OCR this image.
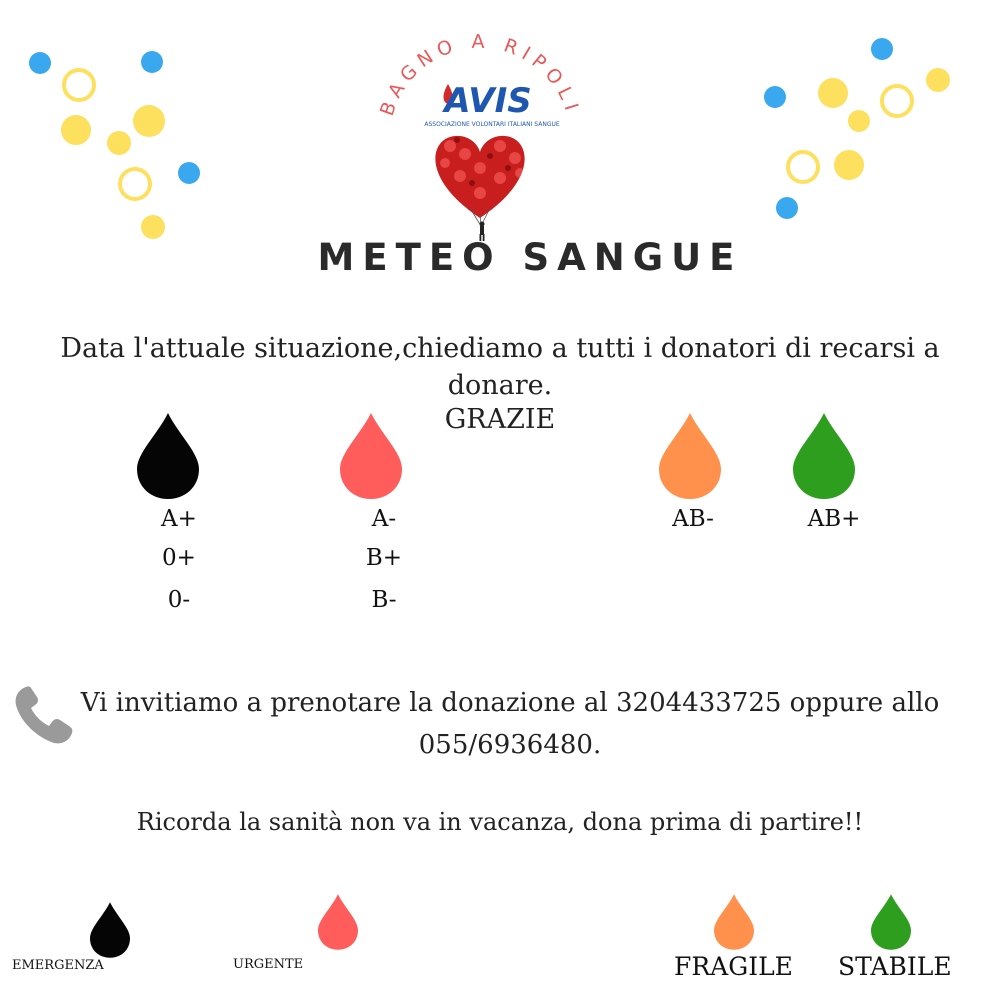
BAGNO A RIPOLI
AVIS
ASSOCIAZIONE VOLONTARI ITALIANI SANGUE
METEO SANGUE
Data l'attuale situazione,chiediamo a tutti i donatori di recarsi a donare.
GRAZIE
A+
0+
0-
A-
B+
B-
AB-	AB+
Vi invitiamo a prenotare la donazione al 3204433725 oppure allo
055/6936480.
Ricorda la sanità non va in vacanza, dona prima di partire!!
EMERGENZA	URGENTE	FRAGILE STABILE
